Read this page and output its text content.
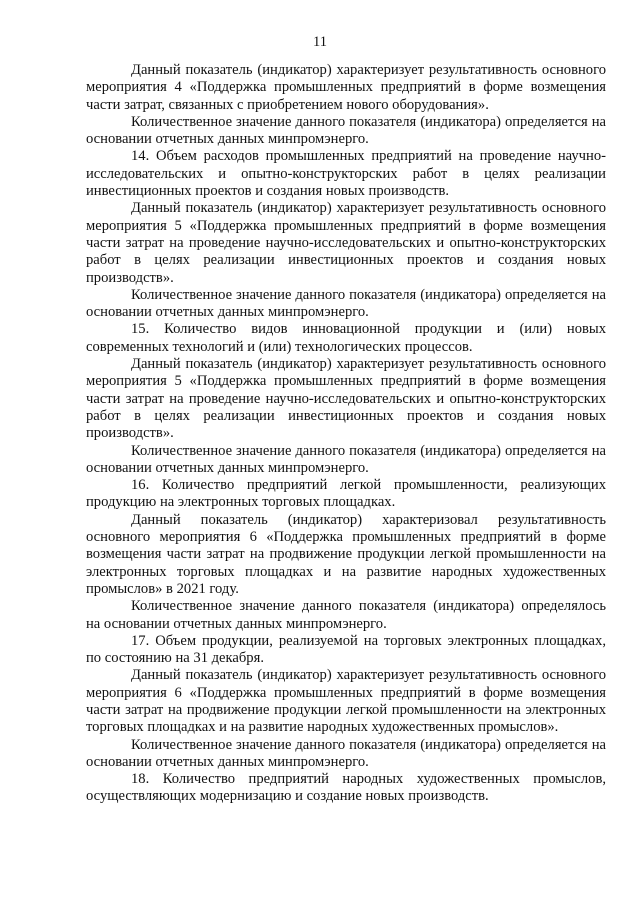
11

Данный показатель (индикатор) характеризует результативность основного мероприятия 4 «Поддержка промышленных предприятий в форме возмещения части затрат, связанных с приобретением нового оборудования».

Количественное значение данного показателя (индикатора) определяется на основании отчетных данных минпромэнерго.

14. Объем расходов промышленных предприятий на проведение научно-исследовательских и опытно-конструкторских работ в целях реализации инвестиционных проектов и создания новых производств.

Данный показатель (индикатор) характеризует результативность основного мероприятия 5 «Поддержка промышленных предприятий в форме возмещения части затрат на проведение научно-исследовательских и опытно-конструкторских работ в целях реализации инвестиционных проектов и создания новых производств».

Количественное значение данного показателя (индикатора) определяется на основании отчетных данных минпромэнерго.

15. Количество видов инновационной продукции и (или) новых современных технологий и (или) технологических процессов.

Данный показатель (индикатор) характеризует результативность основного мероприятия 5 «Поддержка промышленных предприятий в форме возмещения части затрат на проведение научно-исследовательских и опытно-конструкторских работ в целях реализации инвестиционных проектов и создания новых производств».

Количественное значение данного показателя (индикатора) определяется на основании отчетных данных минпромэнерго.

16. Количество предприятий легкой промышленности, реализующих продукцию на электронных торговых площадках.

Данный показатель (индикатор) характеризовал результативность основного мероприятия 6 «Поддержка промышленных предприятий в форме возмещения части затрат на продвижение продукции легкой промышленности на электронных торговых площадках и на развитие народных художественных промыслов» в 2021 году.

Количественное значение данного показателя (индикатора) определялось на основании отчетных данных минпромэнерго.

17. Объем продукции, реализуемой на торговых электронных площадках, по состоянию на 31 декабря.

Данный показатель (индикатор) характеризует результативность основного мероприятия 6 «Поддержка промышленных предприятий в форме возмещения части затрат на продвижение продукции легкой промышленности на электронных торговых площадках и на развитие народных художественных промыслов».

Количественное значение данного показателя (индикатора) определяется на основании отчетных данных минпромэнерго.

18. Количество предприятий народных художественных промыслов, осуществляющих модернизацию и создание новых производств.
